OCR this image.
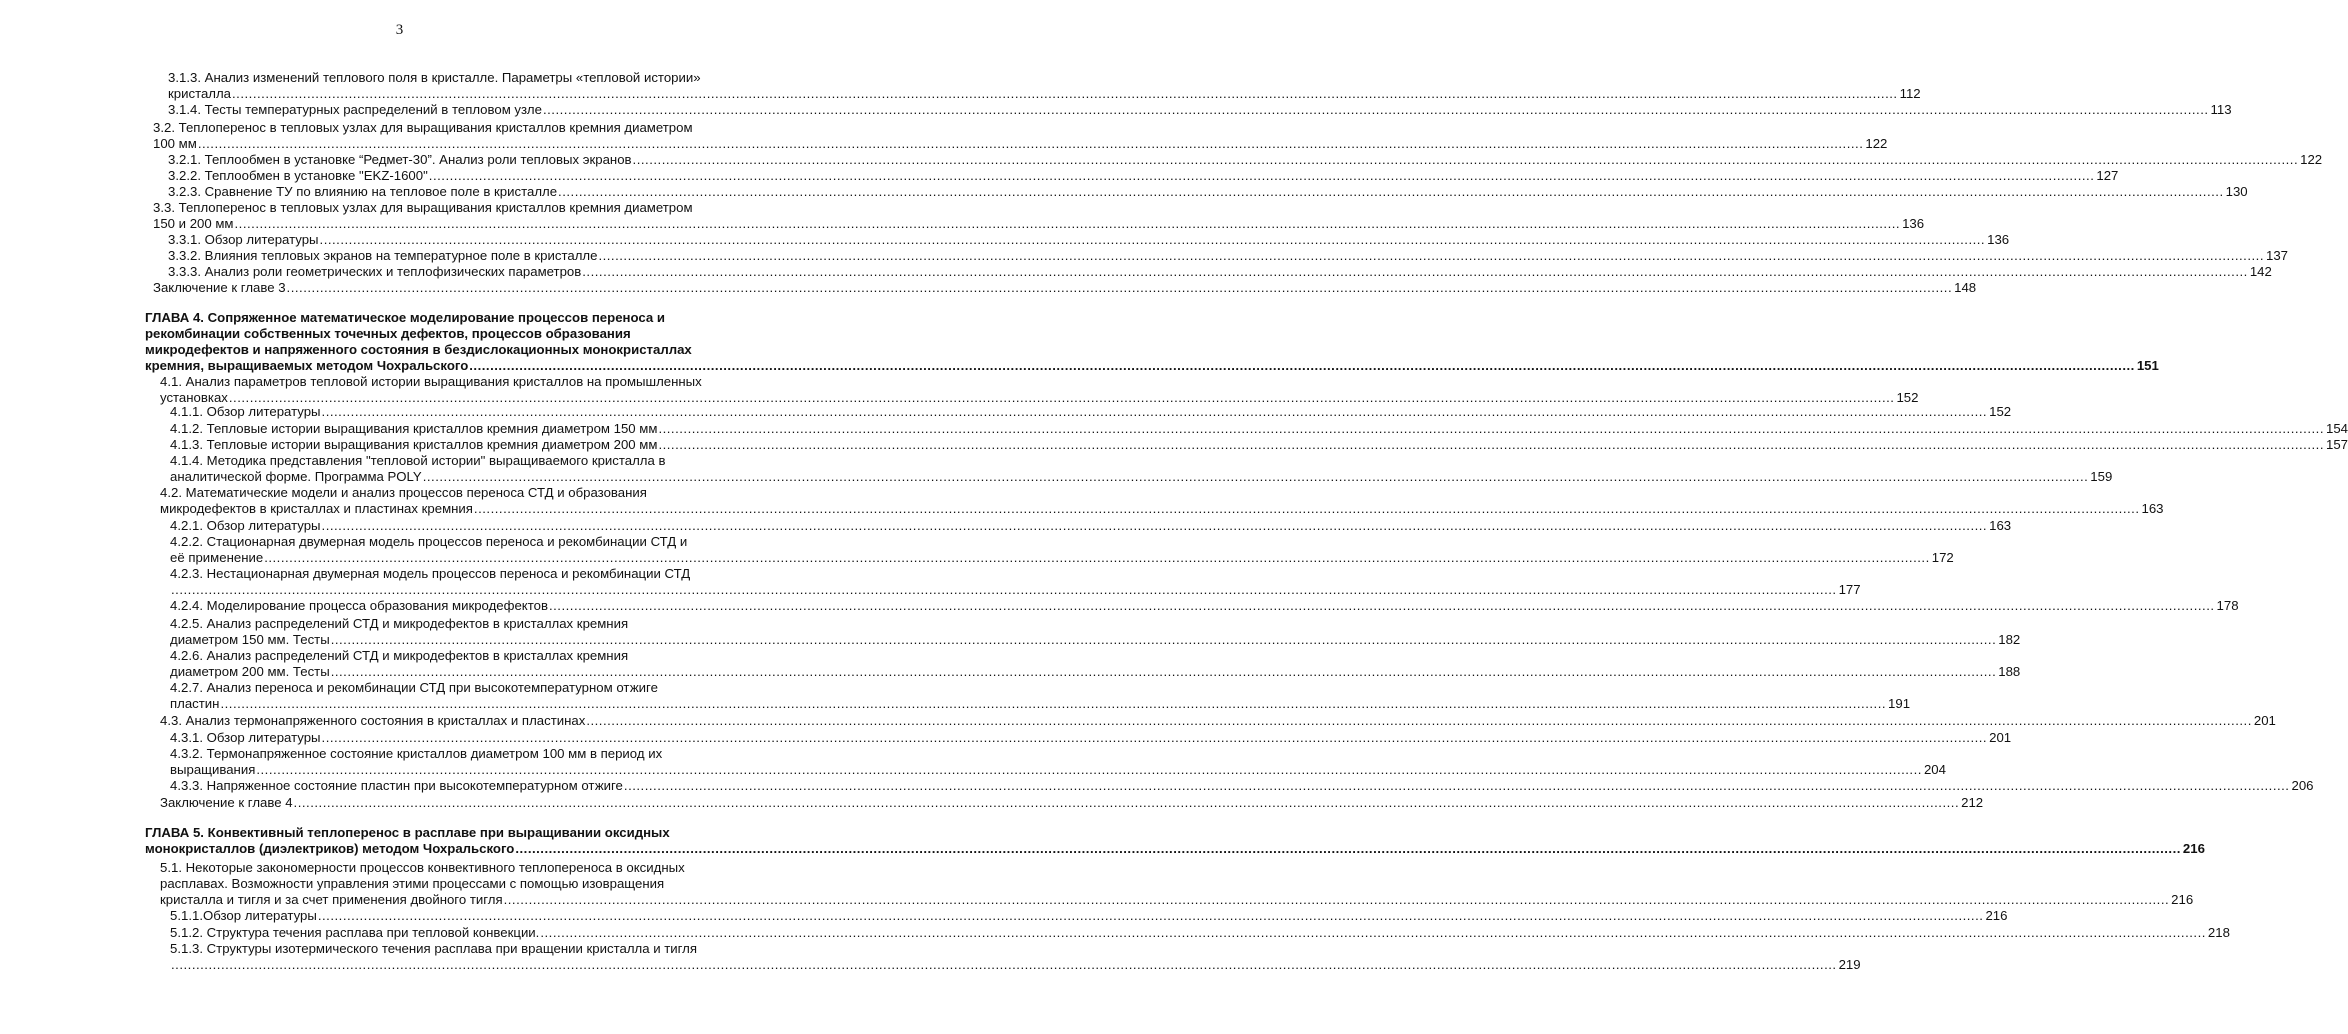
3
3.1.3. Анализ изменений теплового поля в кристалле. Параметры «тепловой истории»
кристалла ................................................................................................................................................................................................................................................................................................................................................................................................................ 112
3.1.4. Тесты температурных распределений в тепловом узле ................................................................................................................................................................................................................................................................................................................................................................................................................ 113
3.2. Теплоперенос в тепловых узлах для выращивания кристаллов кремния диаметром
100 мм ................................................................................................................................................................................................................................................................................................................................................................................................................ 122
3.2.1. Теплообмен в установке “Редмет-30”. Анализ роли тепловых экранов ................................................................................................................................................................................................................................................................................................................................................................................................................ 122
3.2.2. Теплообмен в установке "EKZ-1600" ................................................................................................................................................................................................................................................................................................................................................................................................................ 127
3.2.3. Сравнение ТУ по влиянию на тепловое поле в кристалле ................................................................................................................................................................................................................................................................................................................................................................................................................ 130
3.3. Теплоперенос в тепловых узлах для выращивания кристаллов кремния диаметром
150 и 200 мм ................................................................................................................................................................................................................................................................................................................................................................................................................ 136
3.3.1. Обзор литературы ................................................................................................................................................................................................................................................................................................................................................................................................................ 136
3.3.2. Влияния тепловых экранов на температурное поле в кристалле ................................................................................................................................................................................................................................................................................................................................................................................................................ 137
3.3.3. Анализ роли геометрических и теплофизических параметров ................................................................................................................................................................................................................................................................................................................................................................................................................ 142
Заключение к главе 3 ................................................................................................................................................................................................................................................................................................................................................................................................................ 148
ГЛАВА 4. Сопряженное математическое моделирование процессов переноса и
рекомбинации собственных точечных дефектов, процессов образования
микродефектов и напряженного состояния в бездислокационных монокристаллах
кремния, выращиваемых методом Чохральского ................................................................................................................................................................................................................................................................................................................................................................................................................ 151
4.1. Анализ параметров тепловой истории выращивания кристаллов на промышленных
установках ................................................................................................................................................................................................................................................................................................................................................................................................................ 152
4.1.1. Обзор литературы ................................................................................................................................................................................................................................................................................................................................................................................................................ 152
4.1.2. Тепловые истории выращивания кристаллов кремния диаметром 150 мм ................................................................................................................................................................................................................................................................................................................................................................................................................ 154
4.1.3. Тепловые истории выращивания кристаллов кремния диаметром 200 мм ................................................................................................................................................................................................................................................................................................................................................................................................................ 157
4.1.4. Методика представления "тепловой истории" выращиваемого кристалла в
аналитической форме. Программа POLY ................................................................................................................................................................................................................................................................................................................................................................................................................ 159
4.2. Математические модели и анализ процессов переноса СТД и образования
микродефектов в кристаллах и пластинах кремния ................................................................................................................................................................................................................................................................................................................................................................................................................ 163
4.2.1. Обзор литературы ................................................................................................................................................................................................................................................................................................................................................................................................................ 163
4.2.2. Стационарная двумерная модель процессов переноса и рекомбинации СТД и
её применение ................................................................................................................................................................................................................................................................................................................................................................................................................ 172
4.2.3. Нестационарная двумерная модель процессов переноса и рекомбинации СТД
................................................................................................................................................................................................................................................................................................................................................................................................................ 177
4.2.4. Моделирование процесса образования микродефектов ................................................................................................................................................................................................................................................................................................................................................................................................................ 178
4.2.5. Анализ распределений СТД и микродефектов в кристаллах кремния
диаметром 150 мм. Тесты ................................................................................................................................................................................................................................................................................................................................................................................................................ 182
4.2.6. Анализ распределений СТД и микродефектов в кристаллах кремния
диаметром 200 мм. Тесты ................................................................................................................................................................................................................................................................................................................................................................................................................ 188
4.2.7. Анализ переноса и рекомбинации СТД при высокотемпературном отжиге
пластин ................................................................................................................................................................................................................................................................................................................................................................................................................ 191
4.3. Анализ термонапряженного состояния в кристаллах и пластинах ................................................................................................................................................................................................................................................................................................................................................................................................................ 201
4.3.1. Обзор литературы ................................................................................................................................................................................................................................................................................................................................................................................................................ 201
4.3.2. Термонапряженное состояние кристаллов диаметром 100 мм в период их
выращивания ................................................................................................................................................................................................................................................................................................................................................................................................................ 204
4.3.3. Напряженное состояние пластин при высокотемпературном отжиге ................................................................................................................................................................................................................................................................................................................................................................................................................ 206
Заключение к главе 4 ................................................................................................................................................................................................................................................................................................................................................................................................................ 212
ГЛАВА 5. Конвективный теплоперенос в расплаве при выращивании оксидных
монокристаллов (диэлектриков) методом Чохральского ................................................................................................................................................................................................................................................................................................................................................................................................................ 216
5.1. Некоторые закономерности процессов конвективного теплопереноса в оксидных
расплавах. Возможности управления этими процессами с помощью изовращения
кристалла и тигля и за счет применения двойного тигля ................................................................................................................................................................................................................................................................................................................................................................................................................ 216
5.1.1.Обзор литературы ................................................................................................................................................................................................................................................................................................................................................................................................................ 216
5.1.2. Структура течения расплава при тепловой конвекции. ................................................................................................................................................................................................................................................................................................................................................................................................................ 218
5.1.3. Структуры изотермического течения расплава при вращении кристалла и тигля
................................................................................................................................................................................................................................................................................................................................................................................................................ 219
